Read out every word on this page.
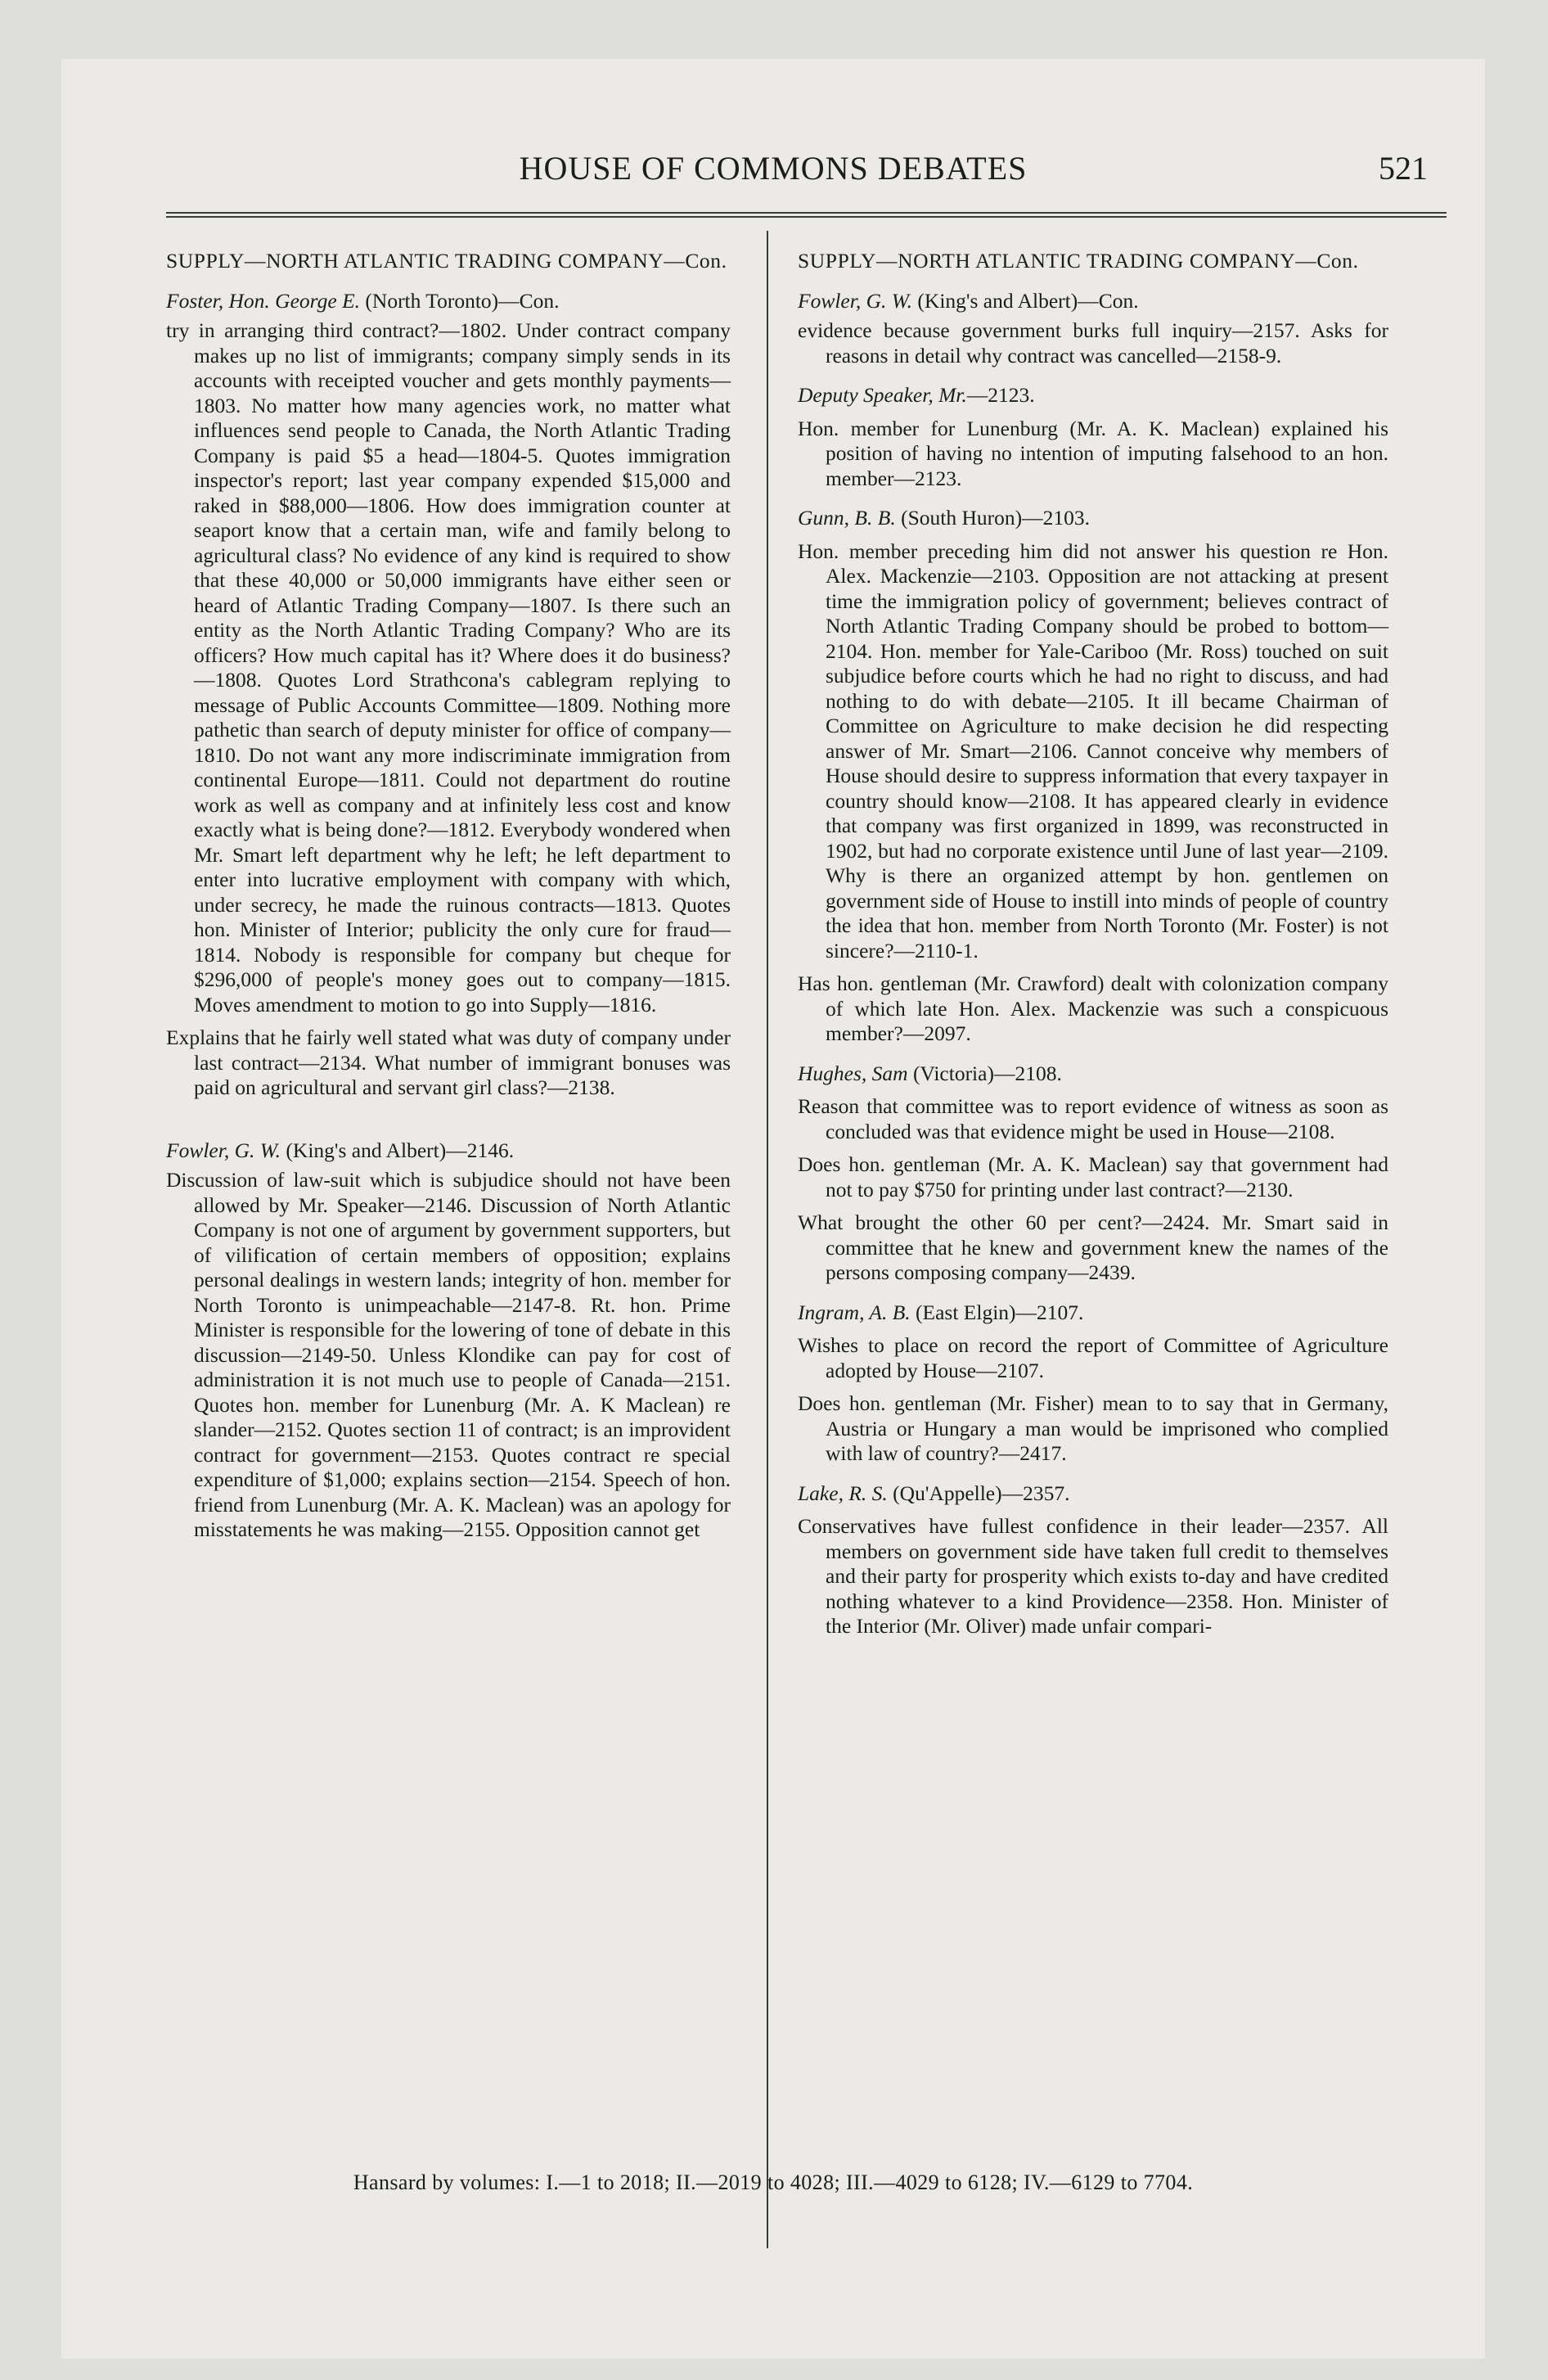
HOUSE OF COMMONS DEBATES	521
SUPPLY—NORTH ATLANTIC TRADING COMPANY—Con.
Foster, Hon. George E. (North Toronto)—Con.
try in arranging third contract?—1802. Under contract company makes up no list of immigrants; company simply sends in its accounts with receipted voucher and gets monthly payments—1803. No matter how many agencies work, no matter what influences send people to Canada, the North Atlantic Trading Company is paid $5 a head—1804-5. Quotes immigration inspector's report; last year company expended $15,000 and raked in $88,000—1806. How does immigration counter at seaport know that a certain man, wife and family belong to agricultural class? No evidence of any kind is required to show that these 40,000 or 50,000 immigrants have either seen or heard of Atlantic Trading Company—1807. Is there such an entity as the North Atlantic Trading Company? Who are its officers? How much capital has it? Where does it do business?—1808. Quotes Lord Strathcona's cablegram replying to message of Public Accounts Committee—1809. Nothing more pathetic than search of deputy minister for office of company—1810. Do not want any more indiscriminate immigration from continental Europe—1811. Could not department do routine work as well as company and at infinitely less cost and know exactly what is being done?—1812. Everybody wondered when Mr. Smart left department why he left; he left department to enter into lucrative employment with company with which, under secrecy, he made the ruinous contracts—1813. Quotes hon. Minister of Interior; publicity the only cure for fraud—1814. Nobody is responsible for company but cheque for $296,000 of people's money goes out to company—1815. Moves amendment to motion to go into Supply—1816.
Explains that he fairly well stated what was duty of company under last contract—2134. What number of immigrant bonuses was paid on agricultural and servant girl class?—2138.
Fowler, G. W. (King's and Albert)—2146.
Discussion of law-suit which is subjudice should not have been allowed by Mr. Speaker—2146. Discussion of North Atlantic Company is not one of argument by government supporters, but of vilification of certain members of opposition; explains personal dealings in western lands; integrity of hon. member for North Toronto is unimpeachable—2147-8. Rt. hon. Prime Minister is responsible for the lowering of tone of debate in this discussion—2149-50. Unless Klondike can pay for cost of administration it is not much use to people of Canada—2151. Quotes hon. member for Lunenburg (Mr. A. K Maclean) re slander—2152. Quotes section 11 of contract; is an improvident contract for government—2153. Quotes contract re special expenditure of $1,000; explains section—2154. Speech of hon. friend from Lunenburg (Mr. A. K. Maclean) was an apology for misstatements he was making—2155. Opposition cannot get
SUPPLY—NORTH ATLANTIC TRADING COMPANY—Con.
Fowler, G. W. (King's and Albert)—Con.
evidence because government burks full inquiry—2157. Asks for reasons in detail why contract was cancelled—2158-9.
Deputy Speaker, Mr.—2123.
Hon. member for Lunenburg (Mr. A. K. Maclean) explained his position of having no intention of imputing falsehood to an hon. member—2123.
Gunn, B. B. (South Huron)—2103.
Hon. member preceding him did not answer his question re Hon. Alex. Mackenzie—2103. Opposition are not attacking at present time the immigration policy of government; believes contract of North Atlantic Trading Company should be probed to bottom—2104. Hon. member for Yale-Cariboo (Mr. Ross) touched on suit subjudice before courts which he had no right to discuss, and had nothing to do with debate—2105. It ill became Chairman of Committee on Agriculture to make decision he did respecting answer of Mr. Smart—2106. Cannot conceive why members of House should desire to suppress information that every taxpayer in country should know—2108. It has appeared clearly in evidence that company was first organized in 1899, was reconstructed in 1902, but had no corporate existence until June of last year—2109. Why is there an organized attempt by hon. gentlemen on government side of House to instill into minds of people of country the idea that hon. member from North Toronto (Mr. Foster) is not sincere?—2110-1.
Has hon. gentleman (Mr. Crawford) dealt with colonization company of which late Hon. Alex. Mackenzie was such a conspicuous member?—2097.
Hughes, Sam (Victoria)—2108.
Reason that committee was to report evidence of witness as soon as concluded was that evidence might be used in House—2108.
Does hon. gentleman (Mr. A. K. Maclean) say that government had not to pay $750 for printing under last contract?—2130.
What brought the other 60 per cent?—2424. Mr. Smart said in committee that he knew and government knew the names of the persons composing company—2439.
Ingram, A. B. (East Elgin)—2107.
Wishes to place on record the report of Committee of Agriculture adopted by House—2107.
Does hon. gentleman (Mr. Fisher) mean to to say that in Germany, Austria or Hungary a man would be imprisoned who complied with law of country?—2417.
Lake, R. S. (Qu'Appelle)—2357.
Conservatives have fullest confidence in their leader—2357. All members on government side have taken full credit to themselves and their party for prosperity which exists to-day and have credited nothing whatever to a kind Providence—2358. Hon. Minister of the Interior (Mr. Oliver) made unfair compari-
Hansard by volumes: I.—1 to 2018; II.—2019 to 4028; III.—4029 to 6128; IV.—6129 to 7704.
